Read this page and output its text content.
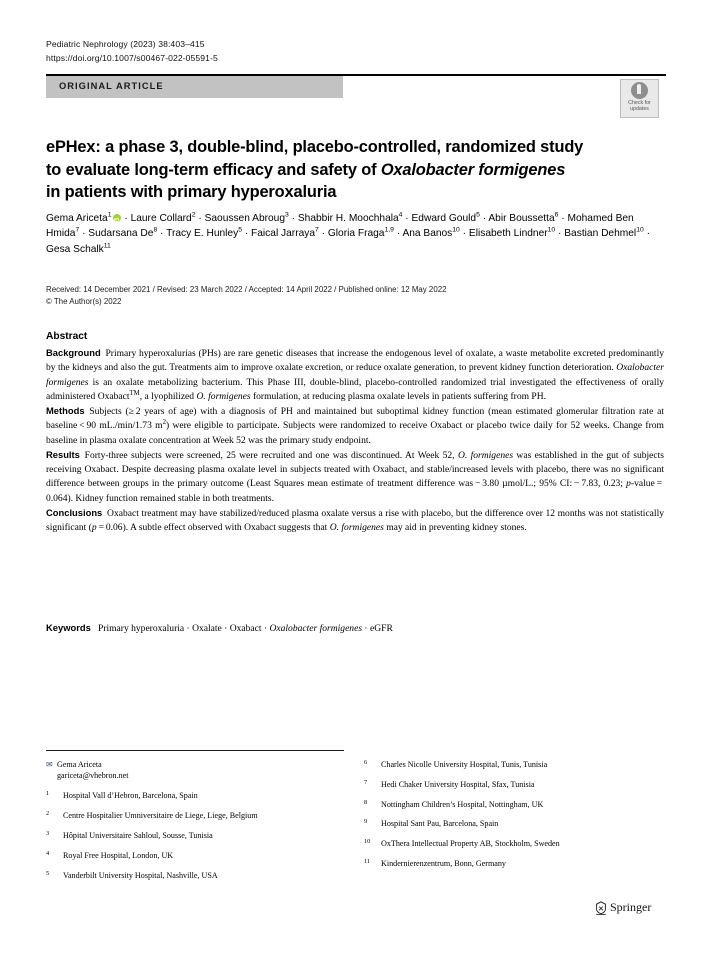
Pediatric Nephrology (2023) 38:403–415
https://doi.org/10.1007/s00467-022-05591-5
ORIGINAL ARTICLE
Check for
updates
ePHex: a phase 3, double-blind, placebo-controlled, randomized study
to evaluate long-term efficacy and safety of Oxalobacter formigenes
in patients with primary hyperoxaluria
Gema Ariceta$^1$iD · Laure Collard$^2$ · Saoussen Abroug$^3$ · Shabbir H. Moochhala$^4$ · Edward Gould$^5$ · Abir Boussetta$^6$ · Mohamed Ben Hmida$^7$ · Sudarsana $De^8$ · Tracy E. Hunley$^5$ · Faical Jarraya$^7$ · Gloria Fraga$^{1,9}$ · Ana Banos$^{10}$ · Elisabeth Lindner$^{10}$ · Bastian Dehmel$^{10}$ · Gesa Schalk$^{11}$
Received: 14 December 2021 / Revised: 23 March 2022 / Accepted: 14 April 2022 / Published online: 12 May 2022
© The Author(s) 2022
Abstract

Background  Primary hyperoxalurias (PHs) are rare genetic diseases that increase the endogenous level of oxalate, a waste metabolite excreted predominantly by the kidneys and also the gut. Treatments aim to improve oxalate excretion, or reduce oxalate generation, to prevent kidney function deterioration. Oxalobacter formigenes is an oxalate metabolizing bacterium. This Phase III, double-blind, placebo-controlled randomized trial investigated the effectiveness of orally administered Oxabact™, a lyophilized O. formigenes formulation, at reducing plasma oxalate levels in patients suffering from PH.

Methods  Subjects (≥ 2 years of age) with a diagnosis of PH and maintained but suboptimal kidney function (mean estimated glomerular filtration rate at baseline < 90 mL./min/1.73 $m^2$) were eligible to participate. Subjects were randomized to receive Oxabact or placebo twice daily for 52 weeks. Change from baseline in plasma oxalate concentration at Week 52 was the primary study endpoint.

Results  Forty-three subjects were screened, 25 were recruited and one was discontinued. At Week 52, O. formigenes was established in the gut of subjects receiving Oxabact. Despite decreasing plasma oxalate level in subjects treated with Oxabact, and stable/increased levels with placebo, there was no significant difference between groups in the primary outcome (Least Squares mean estimate of treatment difference was − 3.80 µmol/L.; 95% CI: − 7.83, 0.23; p-value = 0.064). Kidney function remained stable in both treatments.

Conclusions  Oxabact treatment may have stabilized/reduced plasma oxalate versus a rise with placebo, but the difference over 12 months was not statistically significant (p = 0.06). A subtle effect observed with Oxabact suggests that O. formigenes may aid in preventing kidney stones.

Keywords  Primary hyperoxaluria · Oxalate · Oxabact · Oxalobacter formigenes · eGFR
✉ Gema Ariceta
gariceta@vhebron.net
1	Hospital Vall d’Hebron, Barcelona, Spain
2	Centre Hospitalier Umniversitaire de Liege, Liege, Belgium
3	Hôpital Universitaire Sahloul, Sousse, Tunisia
4	Royal Free Hospital, London, UK
5	Vanderbilt University Hospital, Nashville, USA
6	Charles Nicolle University Hospital, Tunis, Tunisia
7	Hedi Chaker University Hospital, Sfax, Tunisia
8	Nottingham Children’s Hospital, Nottingham, UK
9	Hospital Sant Pau, Barcelona, Spain
10	OxThera Intellectual Property AB, Stockholm, Sweden
11	Kindernierenzentrum, Bonn, Germany
Springer
